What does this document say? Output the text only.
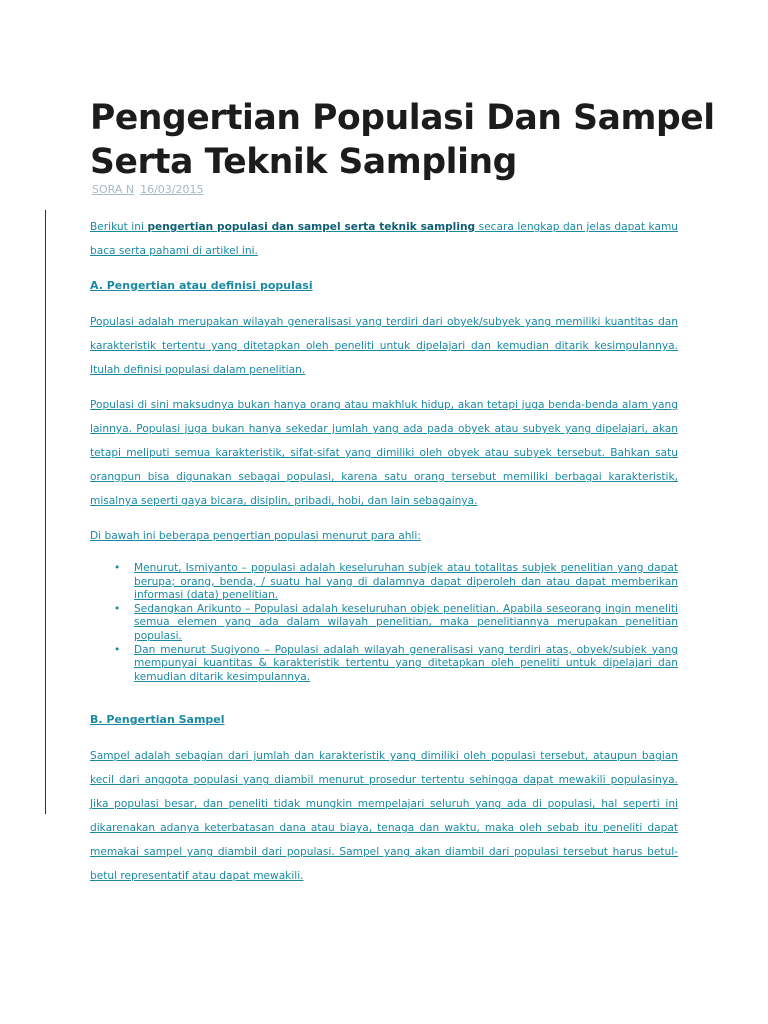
Pengertian Populasi Dan Sampel Serta Teknik Sampling
SORA N 16/03/2015

Berikut ini pengertian populasi dan sampel serta teknik sampling secara lengkap dan jelas dapat kamu baca serta pahami di artikel ini.

A. Pengertian atau definisi populasi

Populasi adalah merupakan wilayah generalisasi yang terdiri dari obyek/subyek yang memiliki kuantitas dan karakteristik tertentu yang ditetapkan oleh peneliti untuk dipelajari dan kemudian ditarik kesimpulannya. Itulah definisi populasi dalam penelitian.

Populasi di sini maksudnya bukan hanya orang atau makhluk hidup, akan tetapi juga benda-benda alam yang lainnya. Populasi juga bukan hanya sekedar jumlah yang ada pada obyek atau subyek yang dipelajari, akan tetapi meliputi semua karakteristik, sifat-sifat yang dimiliki oleh obyek atau subyek tersebut. Bahkan satu orangpun bisa digunakan sebagai populasi, karena satu orang tersebut memiliki berbagai karakteristik, misalnya seperti gaya bicara, disiplin, pribadi, hobi, dan lain sebagainya.

Di bawah ini beberapa pengertian populasi menurut para ahli:

• Menurut, Ismiyanto – populasi adalah keseluruhan subjek atau totalitas subjek penelitian yang dapat berupa; orang, benda, / suatu hal yang di dalamnya dapat diperoleh dan atau dapat memberikan informasi (data) penelitian.
• Sedangkan Arikunto – Populasi adalah keseluruhan objek penelitian. Apabila seseorang ingin meneliti semua elemen yang ada dalam wilayah penelitian, maka penelitiannya merupakan penelitian populasi.
• Dan menurut Sugiyono – Populasi adalah wilayah generalisasi yang terdiri atas, obyek/subjek yang mempunyai kuantitas & karakteristik tertentu yang ditetapkan oleh peneliti untuk dipelajari dan kemudian ditarik kesimpulannya.
B. Pengertian Sampel

Sampel adalah sebagian dari jumlah dan karakteristik yang dimiliki oleh populasi tersebut, ataupun bagian kecil dari anggota populasi yang diambil menurut prosedur tertentu sehingga dapat mewakili populasinya. Jika populasi besar, dan peneliti tidak mungkin mempelajari seluruh yang ada di populasi, hal seperti ini dikarenakan adanya keterbatasan dana atau biaya, tenaga dan waktu, maka oleh sebab itu peneliti dapat memakai sampel yang diambil dari populasi. Sampel yang akan diambil dari populasi tersebut harus betul-betul representatif atau dapat mewakili.
